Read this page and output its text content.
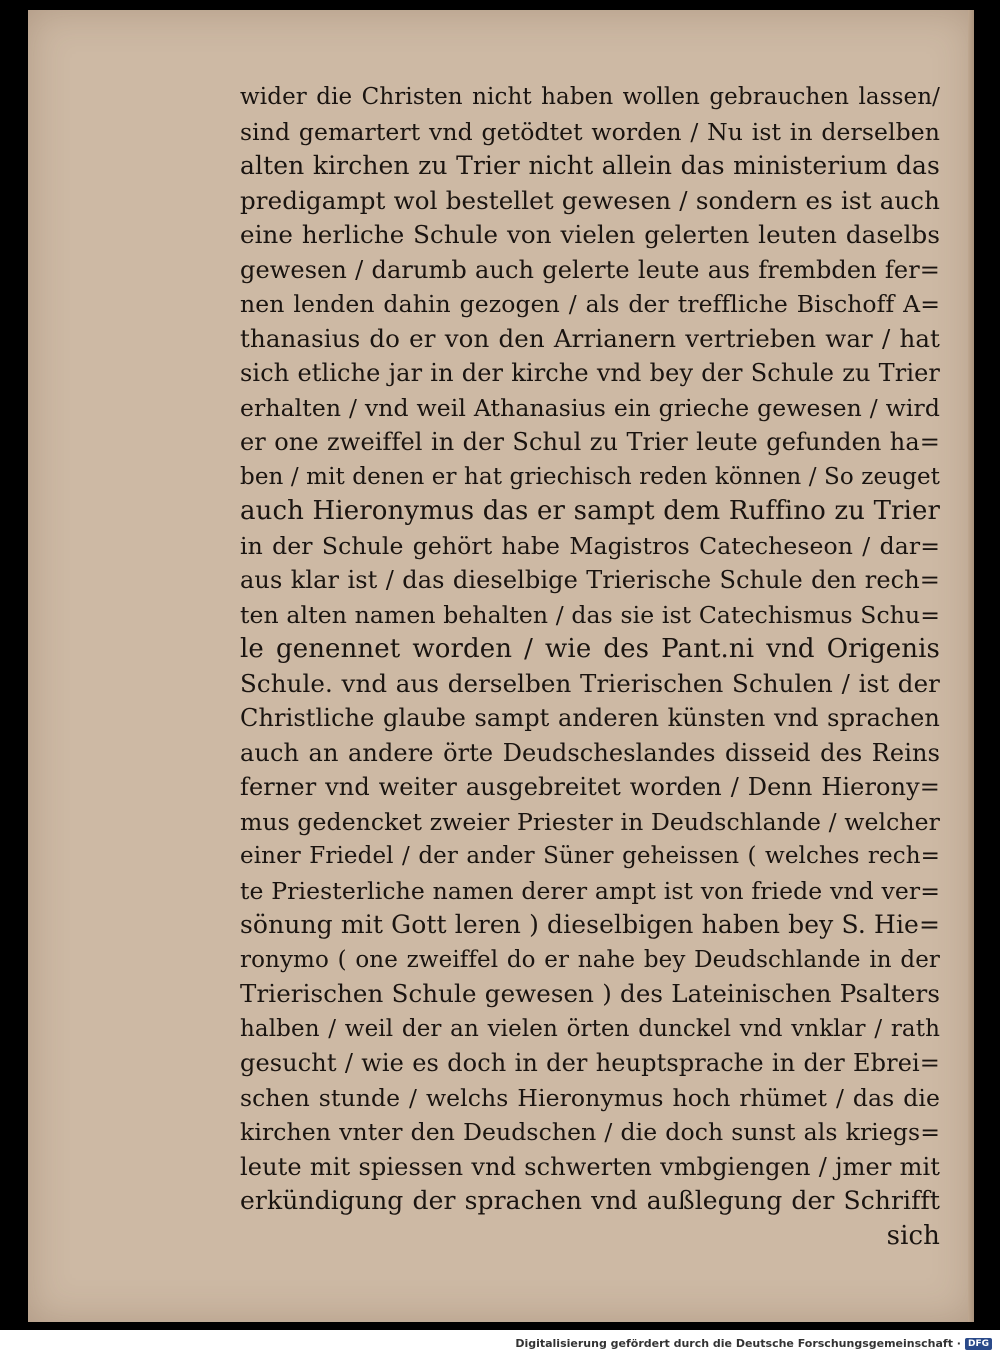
wider die Christen nicht haben wollen gebrauchen lassen/
sind gemartert vnd getödtet worden / Nu ist in derselben
alten kirchen zu Trier nicht allein das ministerium das
predigampt wol bestellet gewesen / sondern es ist auch
eine herliche Schule von vielen gelerten leuten daselbs
gewesen / darumb auch gelerte leute aus frembden fer=
nen lenden dahin gezogen / als der treffliche Bischoff A=
thanasius do er von den Arrianern vertrieben war / hat
sich etliche jar in der kirche vnd bey der Schule zu Trier
erhalten / vnd weil Athanasius ein grieche gewesen / wird
er one zweiffel in der Schul zu Trier leute gefunden ha=
ben / mit denen er hat griechisch reden können / So zeuget
auch Hieronymus das er sampt dem Ruffino zu Trier
in der Schule gehört habe Magistros Catecheseon / dar=
aus klar ist / das dieselbige Trierische Schule den rech=
ten alten namen behalten / das sie ist Catechismus Schu=
le genennet worden / wie des Pant.ni vnd Origenis
Schule. vnd aus derselben Trierischen Schulen / ist der
Christliche glaube sampt anderen künsten vnd sprachen
auch an andere örte Deudscheslandes disseid des Reins
ferner vnd weiter ausgebreitet worden / Denn Hierony=
mus gedencket zweier Priester in Deudschlande / welcher
einer Friedel / der ander Süner geheissen ( welches rech=
te Priesterliche namen derer ampt ist von friede vnd ver=
sönung mit Gott leren ) dieselbigen haben bey S. Hie=
ronymo ( one zweiffel do er nahe bey Deudschlande in der
Trierischen Schule gewesen ) des Lateinischen Psalters
halben / weil der an vielen örten dunckel vnd vnklar / rath
gesucht / wie es doch in der heuptsprache in der Ebrei=
schen stunde / welchs Hieronymus hoch rhümet / das die
kirchen vnter den Deudschen / die doch sunst als kriegs=
leute mit spiessen vnd schwerten vmbgiengen / jmer mit
erkündigung der sprachen vnd außlegung der Schrifft
sich
Digitalisierung gefördert durch die Deutsche Forschungsgemeinschaft · DFG
